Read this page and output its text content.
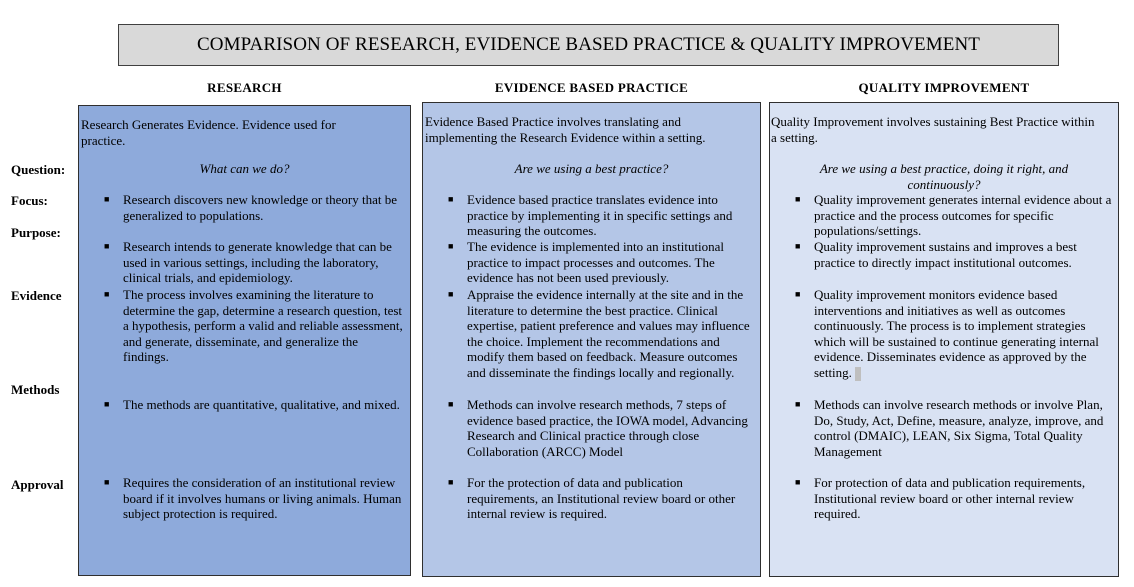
COMPARISON OF RESEARCH, EVIDENCE BASED PRACTICE & QUALITY IMPROVEMENT
RESEARCH	EVIDENCE BASED PRACTICE	QUALITY IMPROVEMENT
Question:
Focus:
Purpose:
Evidence
Methods
Approval
Research Generates Evidence. Evidence used for practice.
What can we do?
■ Research discovers new knowledge or theory that be generalized to populations.
■ Research intends to generate knowledge that can be used in various settings, including the laboratory, clinical trials, and epidemiology.
■ The process involves examining the literature to determine the gap, determine a research question, test a hypothesis, perform a valid and reliable assessment, and generate, disseminate, and generalize the findings.
■ The methods are quantitative, qualitative, and mixed.
■ Requires the consideration of an institutional review board if it involves humans or living animals. Human subject protection is required.
Evidence Based Practice involves translating and implementing the Research Evidence within a setting.
Are we using a best practice?
■ Evidence based practice translates evidence into practice by implementing it in specific settings and measuring the outcomes.
■ The evidence is implemented into an institutional practice to impact processes and outcomes. The evidence has not been used previously.
■ Appraise the evidence internally at the site and in the literature to determine the best practice. Clinical expertise, patient preference and values may influence the choice. Implement the recommendations and modify them based on feedback. Measure outcomes and disseminate the findings locally and regionally.
■ Methods can involve research methods, 7 steps of evidence based practice, the IOWA model, Advancing Research and Clinical practice through close Collaboration (ARCC) Model
■ For the protection of data and publication requirements, an Institutional review board or other internal review is required.
Quality Improvement involves sustaining Best Practice within a setting.
Are we using a best practice, doing it right, and continuously?
■ Quality improvement generates internal evidence about a practice and the process outcomes for specific populations/settings.
■ Quality improvement sustains and improves a best practice to directly impact institutional outcomes.
■ Quality improvement monitors evidence based interventions and initiatives as well as outcomes continuously. The process is to implement strategies which will be sustained to continue generating internal evidence. Disseminates evidence as approved by the setting.
■ Methods can involve research methods or involve Plan, Do, Study, Act, Define, measure, analyze, improve, and control (DMAIC), LEAN, Six Sigma, Total Quality Management
■ For protection of data and publication requirements, Institutional review board or other internal review required.
